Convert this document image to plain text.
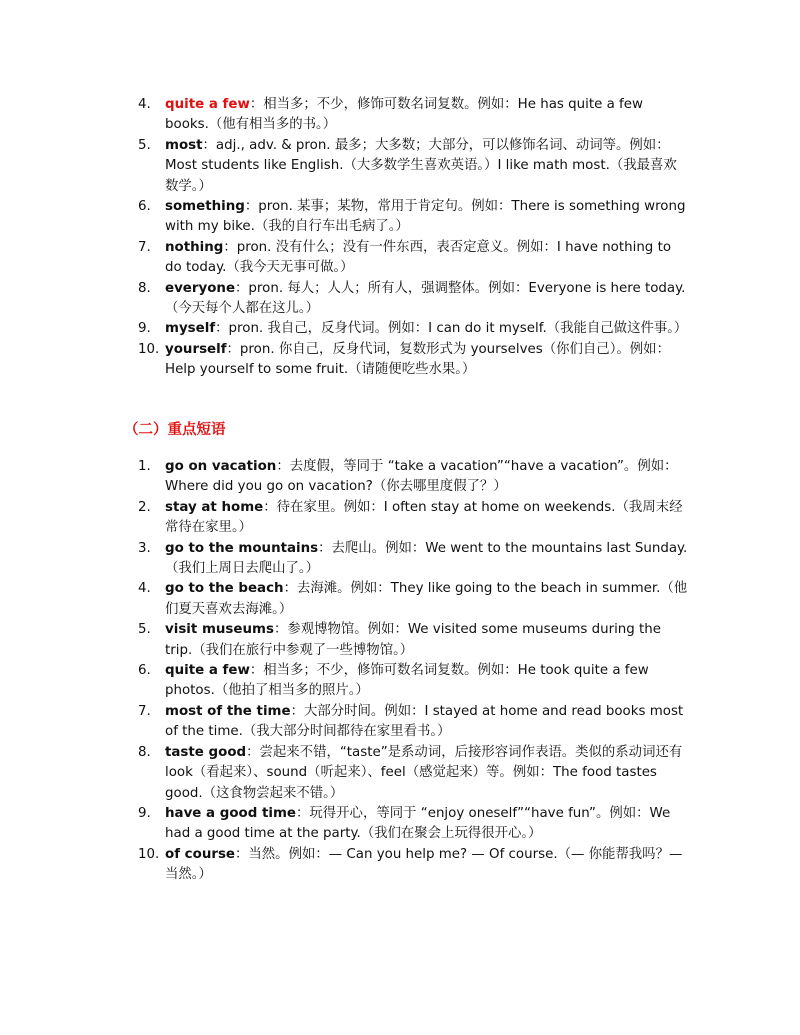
4. quite a few：相当多；不少，修饰可数名词复数。例如：He has quite a few books.（他有相当多的书。）
5. most：adj., adv. & pron. 最多；大多数；大部分，可以修饰名词、动词等。例如：Most students like English.（大多数学生喜欢英语。）I like math most.（我最喜欢数学。）
6. something：pron. 某事；某物，常用于肯定句。例如：There is something wrong with my bike.（我的自行车出毛病了。）
7. nothing：pron. 没有什么；没有一件东西，表否定意义。例如：I have nothing to do today.（我今天无事可做。）
8. everyone：pron. 每人；人人；所有人，强调整体。例如：Everyone is here today.（今天每个人都在这儿。）
9. myself：pron. 我自己，反身代词。例如：I can do it myself.（我能自己做这件事。）
10. yourself：pron. 你自己，反身代词，复数形式为 yourselves（你们自己）。例如：Help yourself to some fruit.（请随便吃些水果。）
（二）重点短语
1. go on vacation：去度假，等同于 “take a vacation”“have a vacation”。例如：Where did you go on vacation?（你去哪里度假了？）
2. stay at home：待在家里。例如：I often stay at home on weekends.（我周末经常待在家里。）
3. go to the mountains：去爬山。例如：We went to the mountains last Sunday.（我们上周日去爬山了。）
4. go to the beach：去海滩。例如：They like going to the beach in summer.（他们夏天喜欢去海滩。）
5. visit museums：参观博物馆。例如：We visited some museums during the trip.（我们在旅行中参观了一些博物馆。）
6. quite a few：相当多；不少，修饰可数名词复数。例如：He took quite a few photos.（他拍了相当多的照片。）
7. most of the time：大部分时间。例如：I stayed at home and read books most of the time.（我大部分时间都待在家里看书。）
8. taste good：尝起来不错，“taste”是系动词，后接形容词作表语。类似的系动词还有 look（看起来）、sound（听起来）、feel（感觉起来）等。例如：The food tastes good.（这食物尝起来不错。）
9. have a good time：玩得开心，等同于 “enjoy oneself”“have fun”。例如：We had a good time at the party.（我们在聚会上玩得很开心。）
10. of course：当然。例如：— Can you help me? — Of course.（— 你能帮我吗？— 当然。）
